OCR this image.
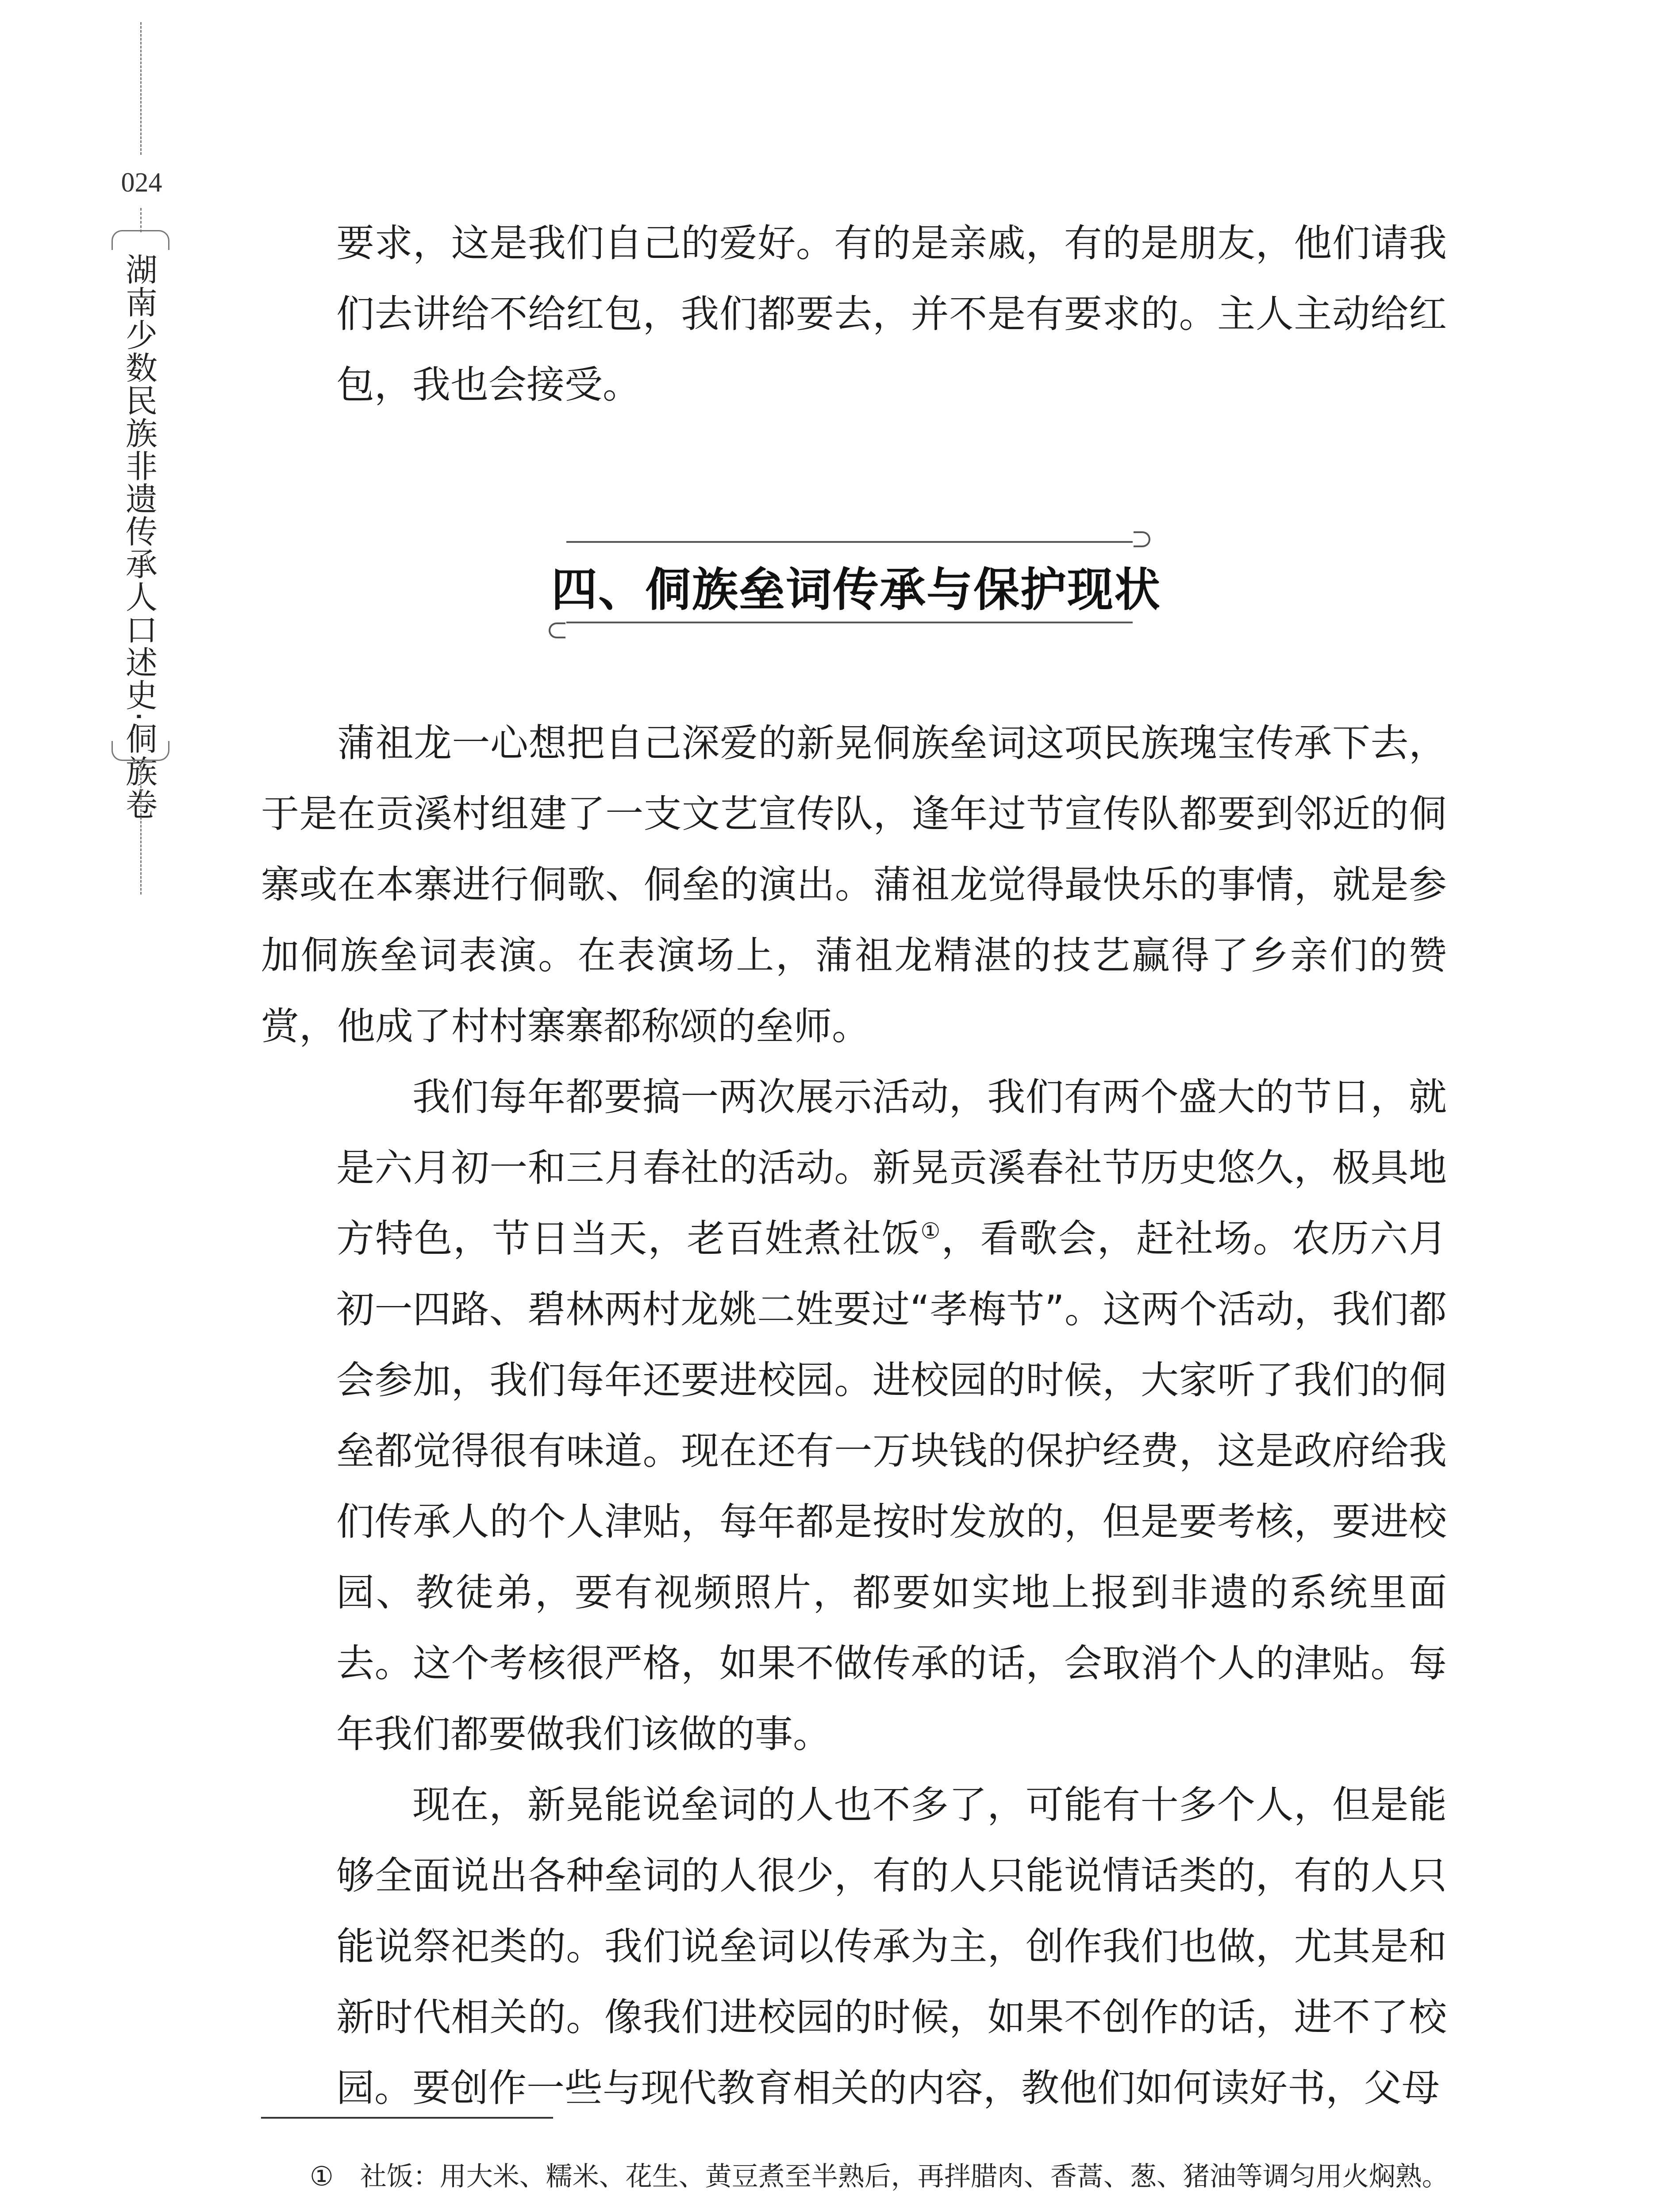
024
湖南少数民族非遗传承人口述史·侗族卷

要求，这是我们自己的爱好。有的是亲戚，有的是朋友，他们请我们去讲给不给红包，我们都要去，并不是有要求的。主人主动给红包，我也会接受。

四、侗族垒词传承与保护现状

蒲祖龙一心想把自己深爱的新晃侗族垒词这项民族瑰宝传承下去，于是在贡溪村组建了一支文艺宣传队，逢年过节宣传队都要到邻近的侗寨或在本寨进行侗歌、侗垒的演出。蒲祖龙觉得最快乐的事情，就是参加侗族垒词表演。在表演场上，蒲祖龙精湛的技艺赢得了乡亲们的赞赏，他成了村村寨寨都称颂的垒师。

我们每年都要搞一两次展示活动，我们有两个盛大的节日，就是六月初一和三月春社的活动。新晃贡溪春社节历史悠久，极具地方特色，节日当天，老百姓煮社饭①，看歌会，赶社场。农历六月初一四路、碧林两村龙姚二姓要过“孝梅节”。这两个活动，我们都会参加，我们每年还要进校园。进校园的时候，大家听了我们的侗垒都觉得很有味道。现在还有一万块钱的保护经费，这是政府给我们传承人的个人津贴，每年都是按时发放的，但是要考核，要进校园、教徒弟，要有视频照片，都要如实地上报到非遗的系统里面去。这个考核很严格，如果不做传承的话，会取消个人的津贴。每年我们都要做我们该做的事。

现在，新晃能说垒词的人也不多了，可能有十多个人，但是能够全面说出各种垒词的人很少，有的人只能说情话类的，有的人只能说祭祀类的。我们说垒词以传承为主，创作我们也做，尤其是和新时代相关的。像我们进校园的时候，如果不创作的话，进不了校园。要创作一些与现代教育相关的内容，教他们如何读好书，父母

① 社饭：用大米、糯米、花生、黄豆煮至半熟后，再拌腊肉、香蒿、葱、猪油等调匀用火焖熟。
